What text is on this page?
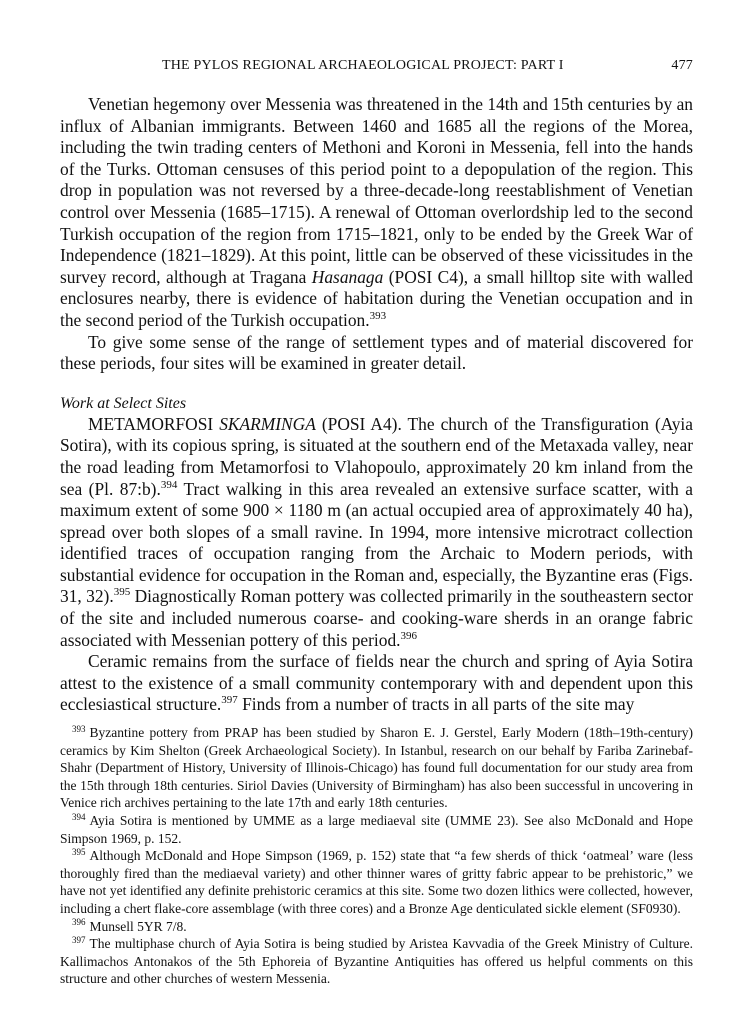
THE PYLOS REGIONAL ARCHAEOLOGICAL PROJECT: PART I	477

Venetian hegemony over Messenia was threatened in the 14th and 15th centuries by an influx of Albanian immigrants. Between 1460 and 1685 all the regions of the Morea, including the twin trading centers of Methoni and Koroni in Messenia, fell into the hands of the Turks. Ottoman censuses of this period point to a depopulation of the region. This drop in population was not reversed by a three-decade-long reestablishment of Venetian control over Messenia (1685–1715). A renewal of Ottoman overlordship led to the second Turkish occupation of the region from 1715–1821, only to be ended by the Greek War of Independence (1821–1829). At this point, little can be observed of these vicissitudes in the survey record, although at Tragana Hasanaga (POSI C4), a small hilltop site with walled enclosures nearby, there is evidence of habitation during the Venetian occupation and in the second period of the Turkish occupation.$^{393}$

To give some sense of the range of settlement types and of material discovered for these periods, four sites will be examined in greater detail.

Work at Select Sites

METAMORFOSI SKARMINGA (POSI A4). The church of the Transfiguration (Ayia Sotira), with its copious spring, is situated at the southern end of the Metaxada valley, near the road leading from Metamorfosi to Vlahopoulo, approximately 20 km inland from the sea (Pl. 87:b).$^{394}$ Tract walking in this area revealed an extensive surface scatter, with a maximum extent of some 900 × 1180 m (an actual occupied area of approximately 40 ha), spread over both slopes of a small ravine. In 1994, more intensive microtract collection identified traces of occupation ranging from the Archaic to Modern periods, with substantial evidence for occupation in the Roman and, especially, the Byzantine eras (Figs. 31, 32).$^{395}$ Diagnostically Roman pottery was collected primarily in the southeastern sector of the site and included numerous coarse- and cooking-ware sherds in an orange fabric associated with Messenian pottery of this period.$^{396}$

Ceramic remains from the surface of fields near the church and spring of Ayia Sotira attest to the existence of a small community contemporary with and dependent upon this ecclesiastical structure.$^{397}$ Finds from a number of tracts in all parts of the site may

$^{393}$ Byzantine pottery from PRAP has been studied by Sharon E. J. Gerstel, Early Modern (18th–19th-century) ceramics by Kim Shelton (Greek Archaeological Society). In Istanbul, research on our behalf by Fariba Zarinebaf-Shahr (Department of History, University of Illinois-Chicago) has found full documentation for our study area from the 15th through 18th centuries. Siriol Davies (University of Birmingham) has also been successful in uncovering in Venice rich archives pertaining to the late 17th and early 18th centuries.

$^{394}$ Ayia Sotira is mentioned by UMME as a large mediaeval site (UMME 23). See also McDonald and Hope Simpson 1969, p. 152.

$^{395}$ Although McDonald and Hope Simpson (1969, p. 152) state that “a few sherds of thick ‘oatmeal’ ware (less thoroughly fired than the mediaeval variety) and other thinner wares of gritty fabric appear to be prehistoric,” we have not yet identified any definite prehistoric ceramics at this site. Some two dozen lithics were collected, however, including a chert flake-core assemblage (with three cores) and a Bronze Age denticulated sickle element (SF0930).

$^{396}$ Munsell 5YR 7/8.

$^{397}$ The multiphase church of Ayia Sotira is being studied by Aristea Kavvadia of the Greek Ministry of Culture. Kallimachos Antonakos of the 5th Ephoreia of Byzantine Antiquities has offered us helpful comments on this structure and other churches of western Messenia.
